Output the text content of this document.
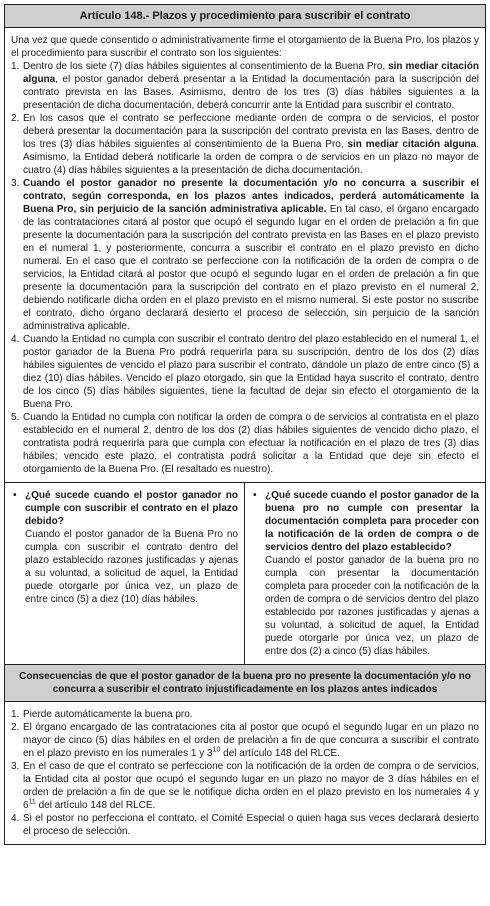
Artículo 148.- Plazos y procedimiento para suscribir el contrato

Una vez que quede consentido o administrativamente firme el otorgamiento de la Buena Pro, los plazos y el procedimiento para suscribir el contrato son los siguientes:

1. Dentro de los siete (7) días hábiles siguientes al consentimiento de la Buena Pro, sin mediar citación alguna, el postor ganador deberá presentar a la Entidad la documentación para la suscripción del contrato prevista en las Bases. Asimismo, dentro de los tres (3) días hábiles siguientes a la presentación de dicha documentación, deberá concurrir ante la Entidad para suscribir el contrato.
2. En los casos que el contrato se perfeccione mediante orden de compra o de servicios, el postor deberá presentar la documentación para la suscripción del contrato prevista en las Bases, dentro de los tres (3) días hábiles siguientes al consentimiento de la Buena Pro, sin mediar citación alguna. Asimismo, la Entidad deberá notificarle la orden de compra o de servicios en un plazo no mayor de cuatro (4) días hábiles siguientes a la presentación de dicha documentación.
3. Cuando el postor ganador no presente la documentación y/o no concurra a suscribir el contrato, según corresponda, en los plazos antes indicados, perderá automáticamente la Buena Pro, sin perjuicio de la sanción administrativa aplicable. En tal caso, el órgano encargado de las contrataciones citará al postor que ocupó el segundo lugar en el orden de prelación a fin que presente la documentación para la suscripción del contrato prevista en las Bases en el plazo previsto en el numeral 1, y posteriormente, concurra a suscribir el contrato en el plazo previsto en dicho numeral. En el caso que el contrato se perfeccione con la notificación de la orden de compra o de servicios, la Entidad citará al postor que ocupó el segundo lugar en el orden de prelación a fin que presente la documentación para la suscripción del contrato en el plazo previsto en el numeral 2, debiendo notificarle dicha orden en el plazo previsto en el mismo numeral. Si este postor no suscribe el contrato, dicho órgano declarará desierto el proceso de selección, sin perjuicio de la sanción administrativa aplicable.
4. Cuando la Entidad no cumpla con suscribir el contrato dentro del plazo establecido en el numeral 1, el postor ganador de la Buena Pro podrá requerirla para su suscripción, dentro de los dos (2) días hábiles siguientes de vencido el plazo para suscribir el contrato, dándole un plazo de entre cinco (5) a diez (10) días hábiles. Vencido el plazo otorgado, sin que la Entidad haya suscrito el contrato, dentro de los cinco (5) días hábiles siguientes, tiene la facultad de dejar sin efecto el otorgamiento de la Buena Pro.
5. Cuando la Entidad no cumpla con notificar la orden de compra o de servicios al contratista en el plazo establecido en el numeral 2, dentro de los dos (2) días hábiles siguientes de vencido dicho plazo, el contratista podrá requerirla para que cumpla con efectuar la notificación en el plazo de tres (3) días hábiles; vencido este plazo, el contratista podrá solicitar a la Entidad que deje sin efecto el otorgamiento de la Buena Pro. (El resaltado es nuestro).
• ¿Qué sucede cuando el postor ganador no cumple con suscribir el contrato en el plazo debido?
Cuando el postor ganador de la Buena Pro no cumpla con suscribir el contrato dentro del plazo establecido razones justificadas y ajenas a su voluntad, a solicitud de aquel, la Entidad puede otorgarle por única vez, un plazo de entre cinco (5) a diez (10) días hábiles.
• ¿Qué sucede cuando el postor ganador de la buena pro no cumple con presentar la documentación completa para proceder con la notificación de la orden de compra o de servicios dentro del plazo establecido?
Cuando el postor ganador de la buena pro no cumpla con presentar la documentación completa para proceder con la notificación de la orden de compra o de servicios dentro del plazo establecido por razones justificadas y ajenas a su voluntad, a solicitud de aquel, la Entidad puede otorgarle por única vez, un plazo de entre dos (2) a cinco (5) días hábiles.
Consecuencias de que el postor ganador de la buena pro no presente la documentación y/o no concurra a suscribir el contrato injustificadamente en los plazos antes indicados
1. Pierde automáticamente la buena pro.
2. El órgano encargado de las contrataciones cita al postor que ocupó el segundo lugar en un plazo no mayor de cinco (5) días hábiles en el orden de prelación a fin de que concurra a suscribir el contrato en el plazo previsto en los numerales 1 y $3^{10}$ del artículo 148 del RLCE.
3. En el caso de que el contrato se perfeccione con la notificación de la orden de compra o de servicios, la Entidad cita al postor que ocupó el segundo lugar en un plazo no mayor de 3 días hábiles en el orden de prelación a fin de que se le notifique dicha orden en el plazo previsto en los numerales 4 y $6^{11}$ del artículo 148 del RLCE.
4. Si el postor no perfecciona el contrato, el Comité Especial o quien haga sus veces declarará desierto el proceso de selección.
